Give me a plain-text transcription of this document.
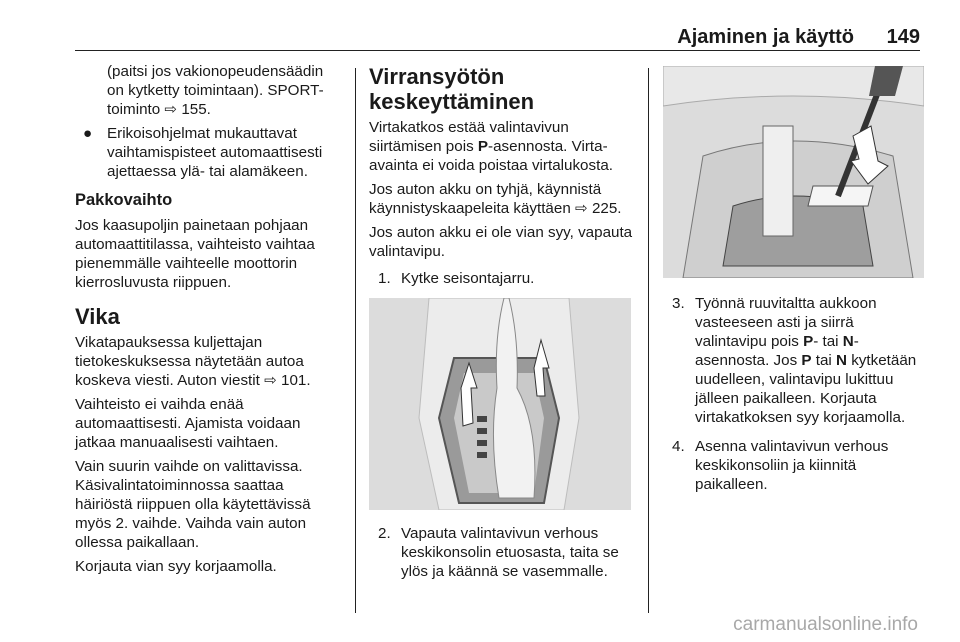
Ajaminen ja käyttö 149

(paitsi jos vakionopeudensäädin on kytketty toimintaan). SPORT-toiminto ⇨ 155.

● Erikoisohjelmat mukauttavat vaihtamispisteet automaattisesti ajettaessa ylä- tai alamäkeen.
Pakkovaihto

Jos kaasupoljin painetaan pohjaan automaattitilassa, vaihteisto vaihtaa pienemmälle vaihteelle moottorin kierrosluvusta riippuen.

Vika

Vikatapauksessa kuljettajan tietokeskuksessa näytetään autoa koskeva viesti. Auton viestit ⇨ 101.

Vaihteisto ei vaihda enää automaattisesti. Ajamista voidaan jatkaa manuaalisesti vaihtaen.

Vain suurin vaihde on valittavissa. Käsivalintatoiminnossa saattaa häiriöstä riippuen olla käytettävissä myös 2. vaihde. Vaihda vain auton ollessa paikallaan.

Korjauta vian syy korjaamolla.

Virransyötön keskeyttäminen

Virtakatkos estää valintavivun siirtämisen pois P-asennosta. Virta-avainta ei voida poistaa virtalukosta.

Jos auton akku on tyhjä, käynnistä käynnistyskaapeleita käyttäen ⇨ 225.

Jos auton akku ei ole vian syy, vapauta valintavipu.

1. Kytke seisontajarru.
2. Vapauta valintavivun verhous keskikonsolin etuosasta, taita se ylös ja käännä se vasemmalle.
3. Työnnä ruuvitaltta aukkoon vasteeseen asti ja siirrä valintavipu pois P- tai N-asennosta. Jos P tai N kytketään uudelleen, valintavipu lukittuu jälleen paikalleen. Korjauta virtakatkoksen syy korjaamolla.
4. Asenna valintavivun verhous keskikonsoliin ja kiinnitä paikalleen.
carmanualsonline.info
